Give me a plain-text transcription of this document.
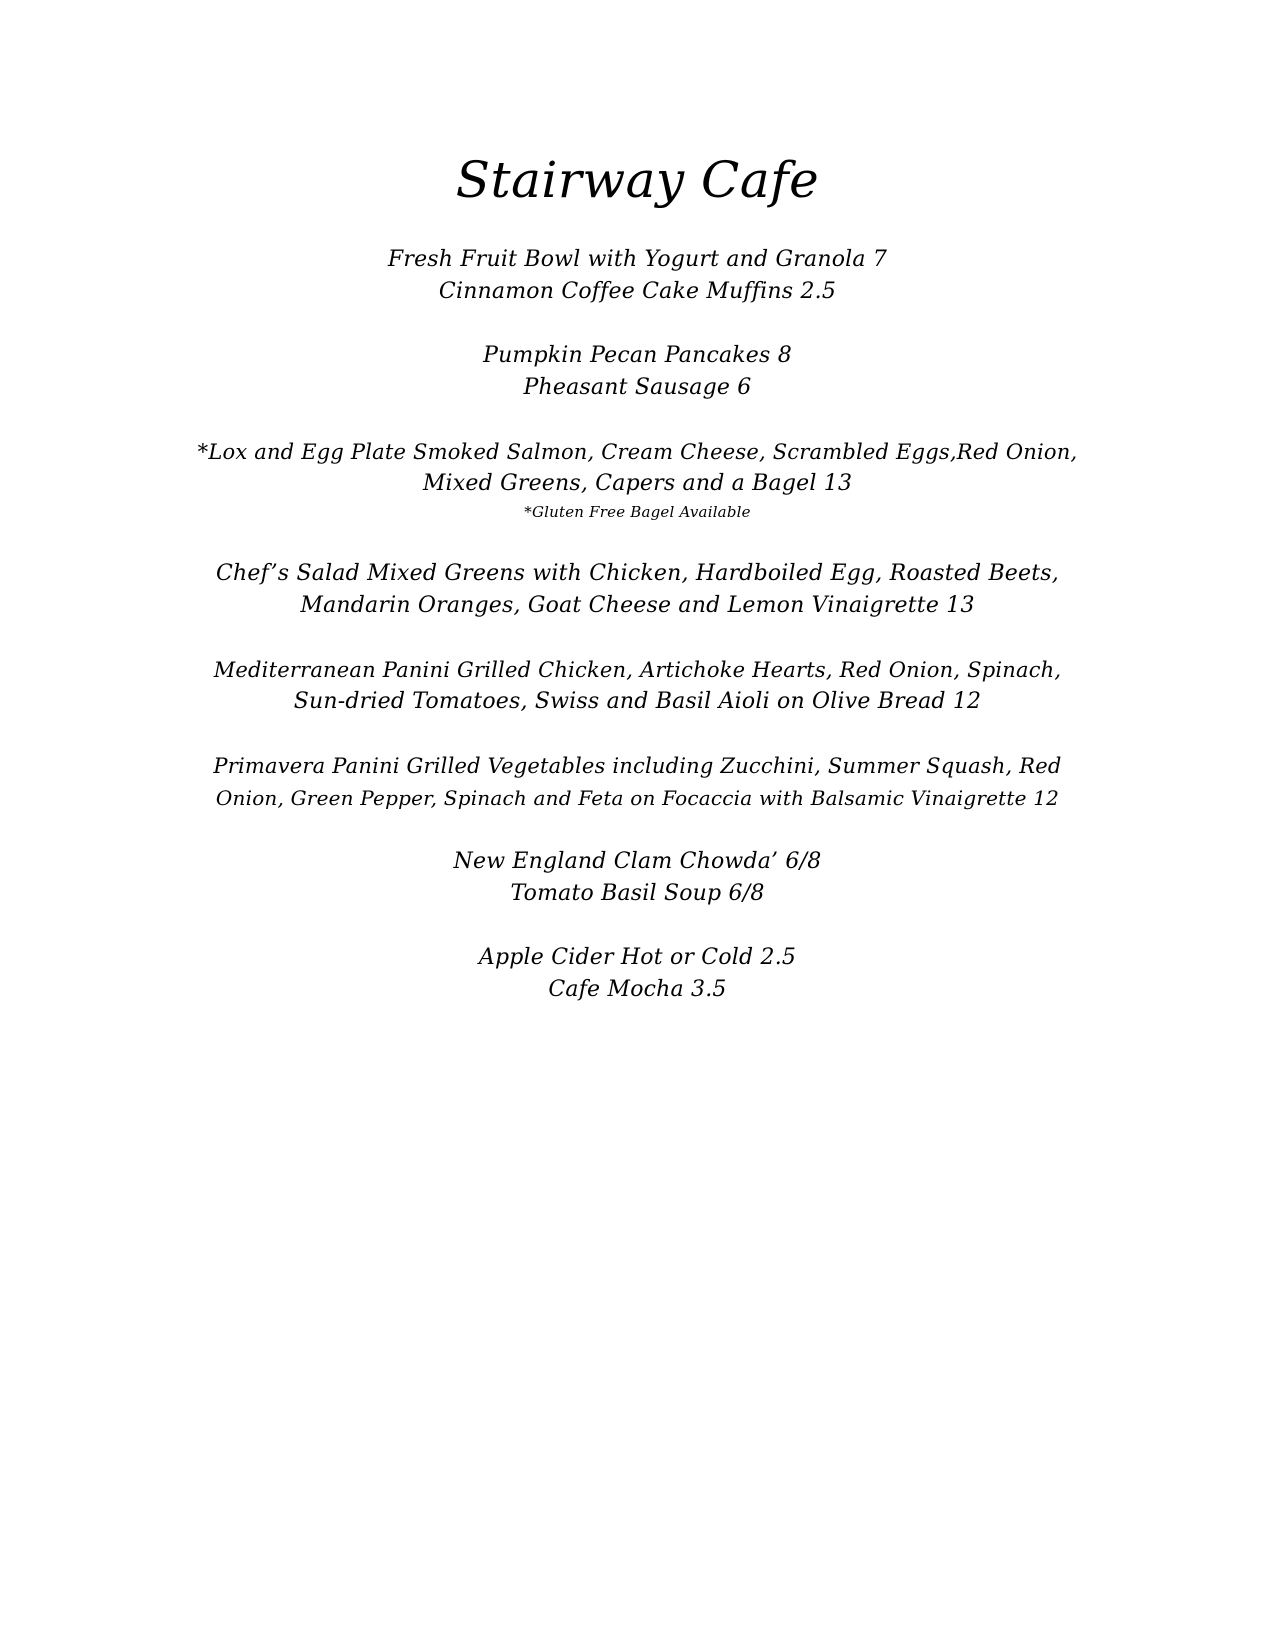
Stairway Cafe
Fresh Fruit Bowl with Yogurt and Granola 7
Cinnamon Coffee Cake Muffins 2.5
Pumpkin Pecan Pancakes 8
Pheasant Sausage 6
*Lox and Egg Plate Smoked Salmon, Cream Cheese, Scrambled Eggs,Red Onion,
Mixed Greens, Capers and a Bagel 13
*Gluten Free Bagel Available
Chef’s Salad Mixed Greens with Chicken, Hardboiled Egg, Roasted Beets,
Mandarin Oranges, Goat Cheese and Lemon Vinaigrette 13
Mediterranean Panini Grilled Chicken, Artichoke Hearts, Red Onion, Spinach,
Sun-dried Tomatoes, Swiss and Basil Aioli on Olive Bread 12
Primavera Panini Grilled Vegetables including Zucchini, Summer Squash, Red
Onion, Green Pepper, Spinach and Feta on Focaccia with Balsamic Vinaigrette 12
New England Clam Chowda’ 6/8
Tomato Basil Soup 6/8
Apple Cider Hot or Cold 2.5
Cafe Mocha 3.5
